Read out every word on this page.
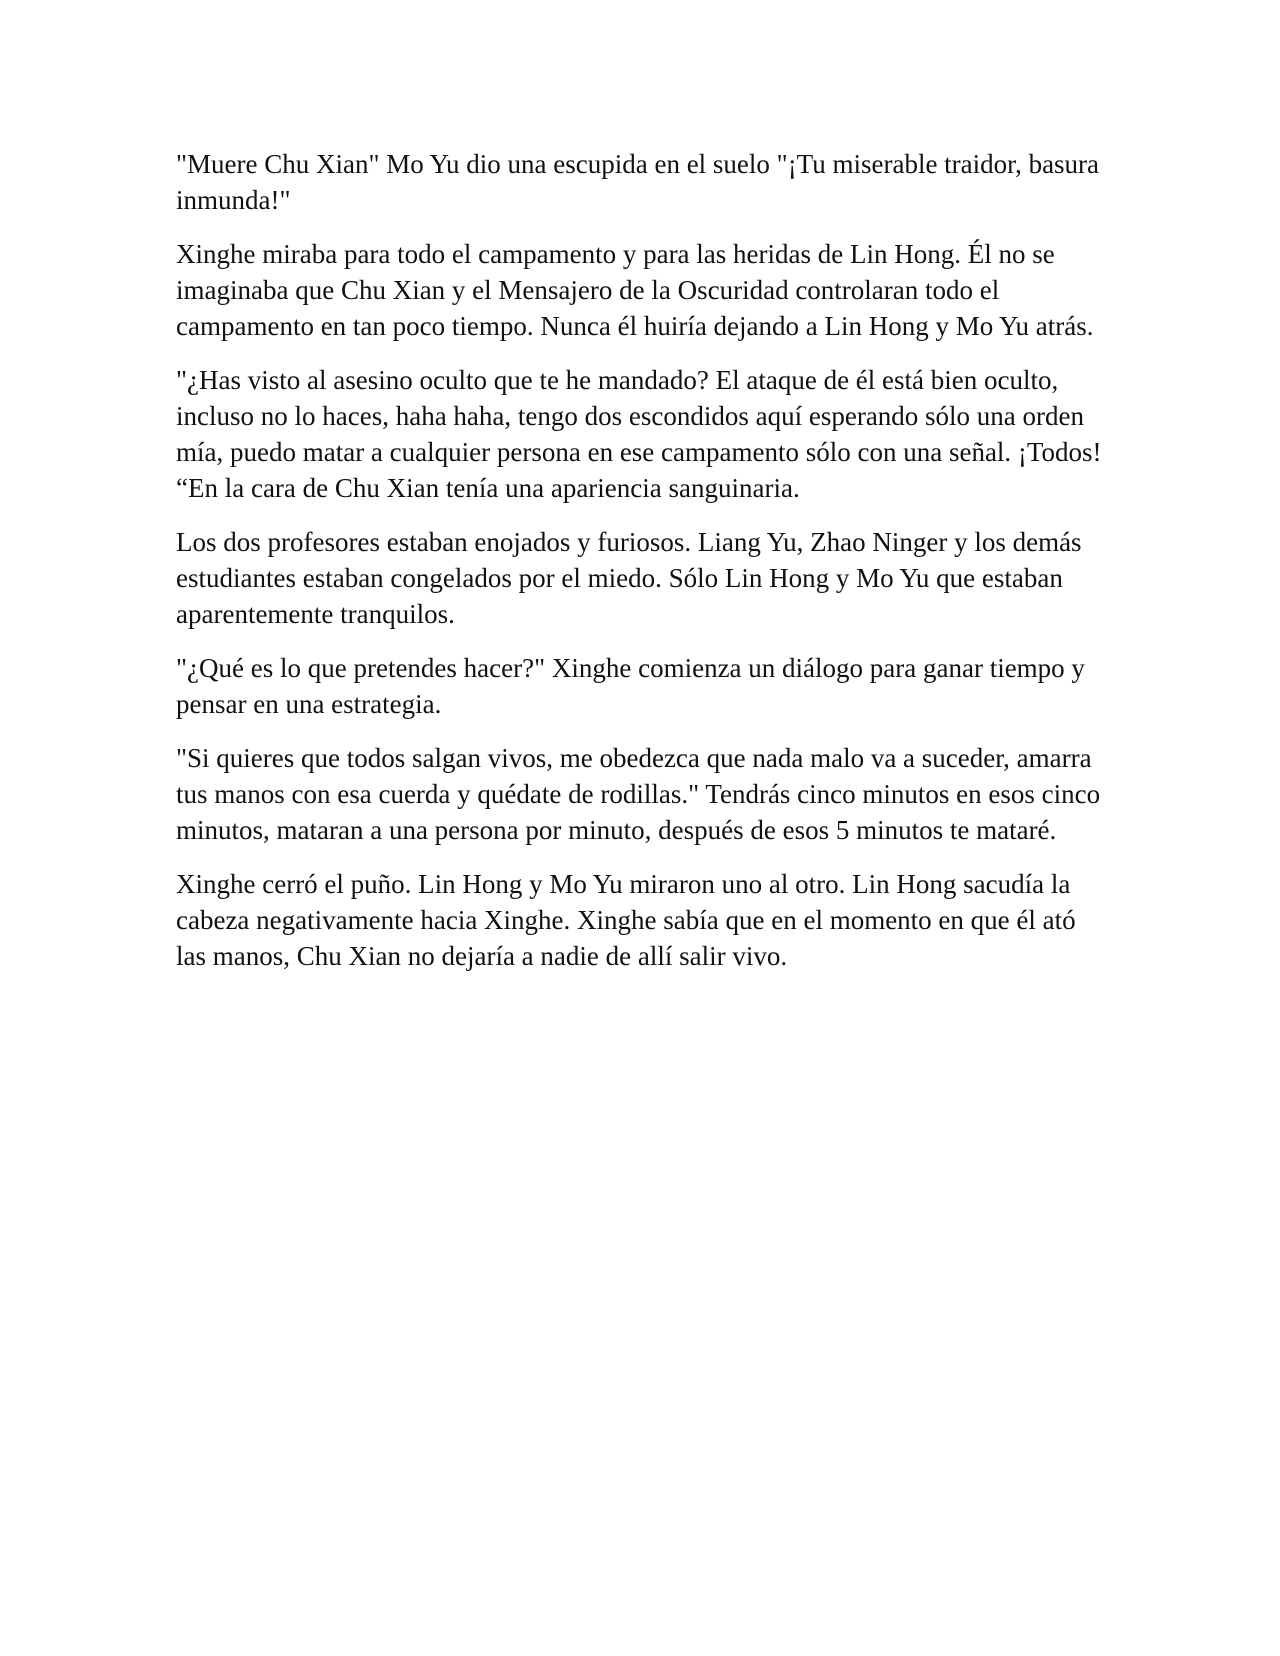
"Muere Chu Xian" Mo Yu dio una escupida en el suelo "¡Tu miserable traidor, basura inmunda!"

Xinghe miraba para todo el campamento y para las heridas de Lin Hong. Él no se imaginaba que Chu Xian y el Mensajero de la Oscuridad controlaran todo el campamento en tan poco tiempo. Nunca él huiría dejando a Lin Hong y Mo Yu atrás.

"¿Has visto al asesino oculto que te he mandado? El ataque de él está bien oculto, incluso no lo haces, haha haha, tengo dos escondidos aquí esperando sólo una orden mía, puedo matar a cualquier persona en ese campamento sólo con una señal. ¡Todos! “En la cara de Chu Xian tenía una apariencia sanguinaria.

Los dos profesores estaban enojados y furiosos. Liang Yu, Zhao Ninger y los demás estudiantes estaban congelados por el miedo. Sólo Lin Hong y Mo Yu que estaban aparentemente tranquilos.

"¿Qué es lo que pretendes hacer?" Xinghe comienza un diálogo para ganar tiempo y pensar en una estrategia.

"Si quieres que todos salgan vivos, me obedezca que nada malo va a suceder, amarra tus manos con esa cuerda y quédate de rodillas." Tendrás cinco minutos en esos cinco minutos, mataran a una persona por minuto, después de esos 5 minutos te mataré.

Xinghe cerró el puño. Lin Hong y Mo Yu miraron uno al otro. Lin Hong sacudía la cabeza negativamente hacia Xinghe. Xinghe sabía que en el momento en que él ató las manos, Chu Xian no dejaría a nadie de allí salir vivo.
